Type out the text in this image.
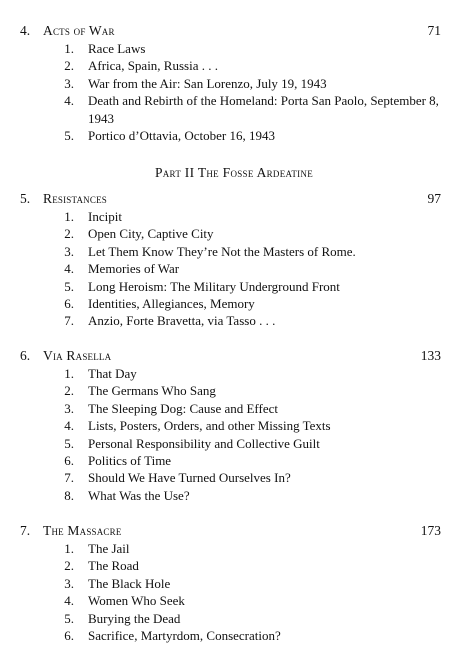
4. Acts of War	71
1. Race Laws
2. Africa, Spain, Russia . . .
3. War from the Air: San Lorenzo, July 19, 1943
4. Death and Rebirth of the Homeland: Porta San Paolo, September 8, 1943
5. Portico d’Ottavia, October 16, 1943
Part II The Fosse Ardeatine
5. Resistances	97
1. Incipit
2. Open City, Captive City
3. Let Them Know They’re Not the Masters of Rome.
4. Memories of War
5. Long Heroism: The Military Underground Front
6. Identities, Allegiances, Memory
7. Anzio, Forte Bravetta, via Tasso . . .
6. Via Rasella	133
1. That Day
2. The Germans Who Sang
3. The Sleeping Dog: Cause and Effect
4. Lists, Posters, Orders, and other Missing Texts
5. Personal Responsibility and Collective Guilt
6. Politics of Time
7. Should We Have Turned Ourselves In?
8. What Was the Use?
7. The Massacre	173
1. The Jail
2. The Road
3. The Black Hole
4. Women Who Seek
5. Burying the Dead
6. Sacrifice, Martyrdom, Consecration?
